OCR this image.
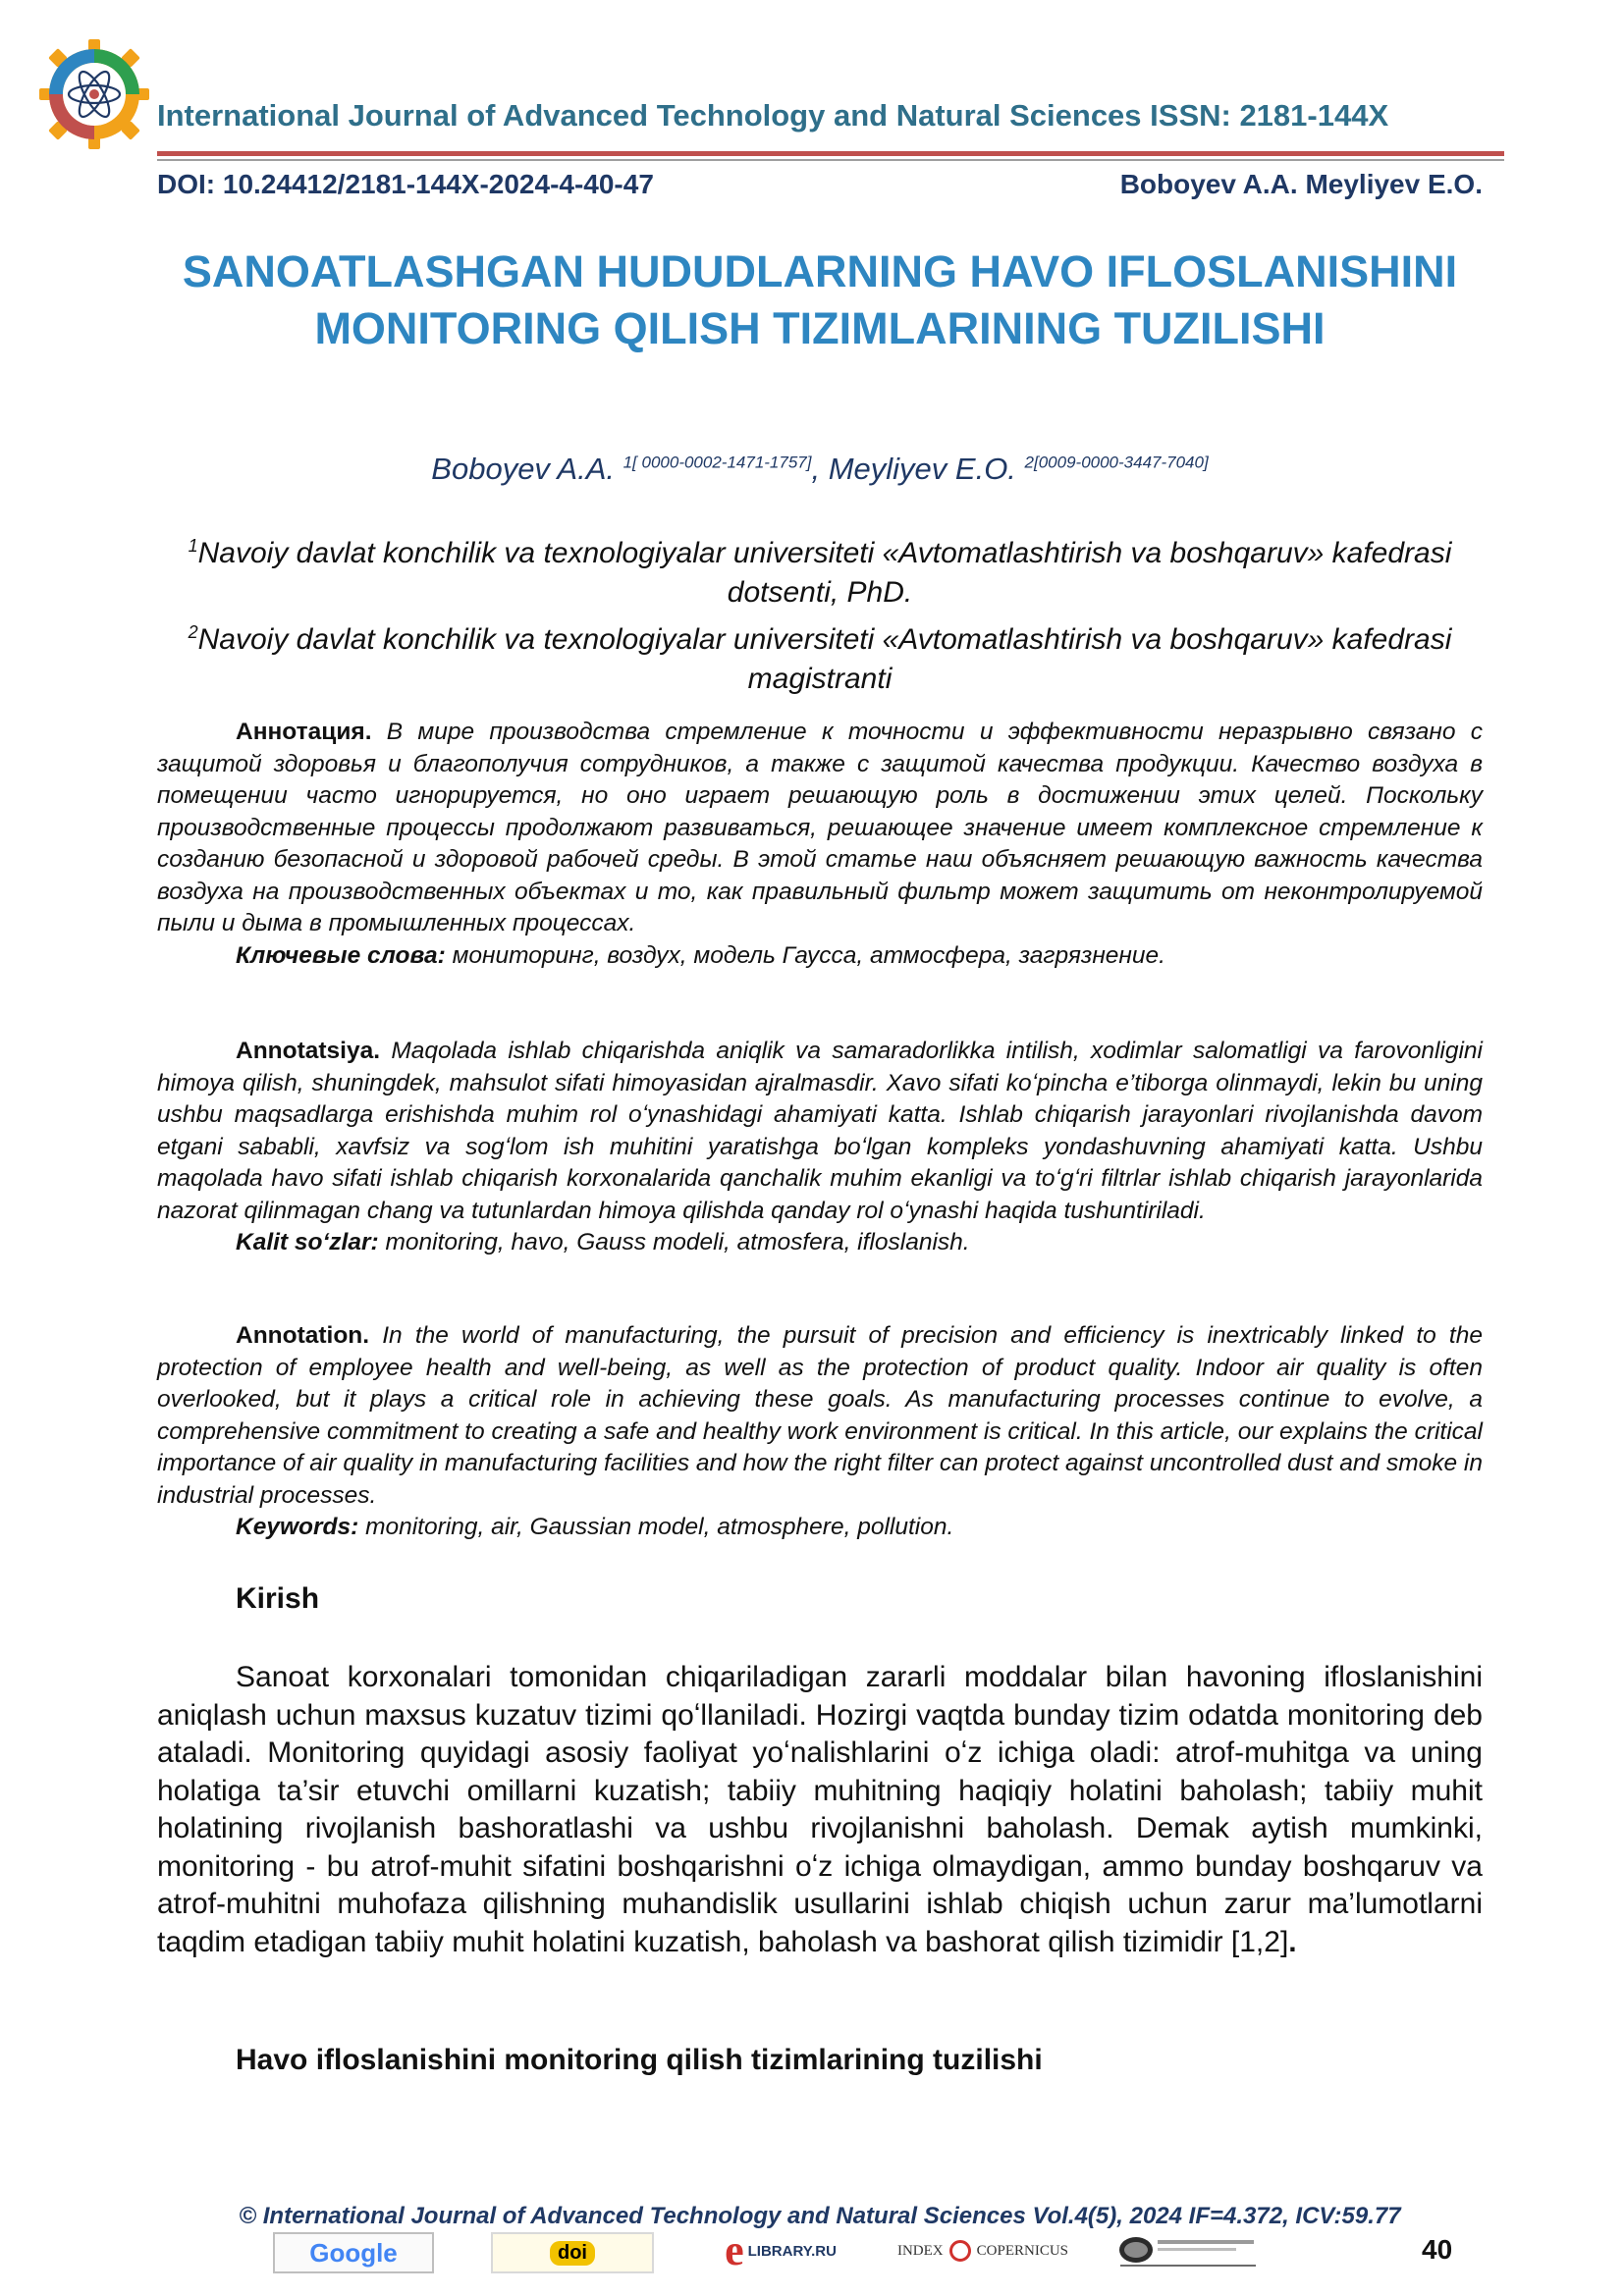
International Journal of Advanced Technology and Natural Sciences ISSN: 2181-144X
DOI: 10.24412/2181-144X-2024-4-40-47	Boboyev A.A. Meyliyev E.O.
SANOATLASHGAN HUDUDLARNING HAVO IFLOSLANISHINI MONITORING QILISH TIZIMLARINING TUZILISHI
Boboyev A.A. $^{1[ 0000-0002-1471-1757]}$, Meyliyev E.O. $^{2[0009-0000-3447-7040]}$
$^1$Navoiy davlat konchilik va texnologiyalar universiteti «Avtomatlashtirish va boshqaruv» kafedrasi dotsenti, PhD.
$^2$Navoiy davlat konchilik va texnologiyalar universiteti «Avtomatlashtirish va boshqaruv» kafedrasi magistranti

Аннотация. В мире производства стремление к точности и эффективности неразрывно связано с защитой здоровья и благополучия сотрудников, а также с защитой качества продукции. Качество воздуха в помещении часто игнорируется, но оно играет решающую роль в достижении этих целей. Поскольку производственные процессы продолжают развиваться, решающее значение имеет комплексное стремление к созданию безопасной и здоровой рабочей среды. В этой статье наш объясняет решающую важность качества воздуха на производственных объектах и то, как правильный фильтр может защитить от неконтролируемой пыли и дыма в промышленных процессах.

Ключевые слова: мониторинг, воздух, модель Гаусса, атмосфера, загрязнение.

Annotatsiya. Maqolada ishlab chiqarishda aniqlik va samaradorlikka intilish, xodimlar salomatligi va farovonligini himoya qilish, shuningdek, mahsulot sifati himoyasidan ajralmasdir. Xavo sifati koʻpincha e’tiborga olinmaydi, lekin bu uning ushbu maqsadlarga erishishda muhim rol oʻynashidagi ahamiyati katta. Ishlab chiqarish jarayonlari rivojlanishda davom etgani sababli, xavfsiz va sogʻlom ish muhitini yaratishga boʻlgan kompleks yondashuvning ahamiyati katta. Ushbu maqolada havo sifati ishlab chiqarish korxonalarida qanchalik muhim ekanligi va toʻgʻri filtrlar ishlab chiqarish jarayonlarida nazorat qilinmagan chang va tutunlardan himoya qilishda qanday rol oʻynashi haqida tushuntiriladi.

Kalit soʻzlar: monitoring, havo, Gauss modeli, atmosfera, ifloslanish.

Annotation. In the world of manufacturing, the pursuit of precision and efficiency is inextricably linked to the protection of employee health and well-being, as well as the protection of product quality. Indoor air quality is often overlooked, but it plays a critical role in achieving these goals. As manufacturing processes continue to evolve, a comprehensive commitment to creating a safe and healthy work environment is critical. In this article, our explains the critical importance of air quality in manufacturing facilities and how the right filter can protect against uncontrolled dust and smoke in industrial processes.

Keywords: monitoring, air, Gaussian model, atmosphere, pollution.

Kirish

Sanoat korxonalari tomonidan chiqariladigan zararli moddalar bilan havoning ifloslanishini aniqlash uchun maxsus kuzatuv tizimi qoʻllaniladi. Hozirgi vaqtda bunday tizim odatda monitoring deb ataladi. Monitoring quyidagi asosiy faoliyat yoʻnalishlarini oʻz ichiga oladi: atrof-muhitga va uning holatiga ta’sir etuvchi omillarni kuzatish; tabiiy muhitning haqiqiy holatini baholash; tabiiy muhit holatining rivojlanish bashoratlashi va ushbu rivojlanishni baholash. Demak aytish mumkinki, monitoring - bu atrof-muhit sifatini boshqarishni oʻz ichiga olmaydigan, ammo bunday boshqaruv va atrof-muhitni muhofaza qilishning muhandislik usullarini ishlab chiqish uchun zarur ma’lumotlarni taqdim etadigan tabiiy muhit holatini kuzatish, baholash va bashorat qilish tizimidir [1,2].

Havo ifloslanishini monitoring qilish tizimlarining tuzilishi
© International Journal of Advanced Technology and Natural Sciences Vol.4(5), 2024 IF=4.372, ICV:59.77
Google	doi	e LIBRARY.RU	INDEX COPERNICUS	40
